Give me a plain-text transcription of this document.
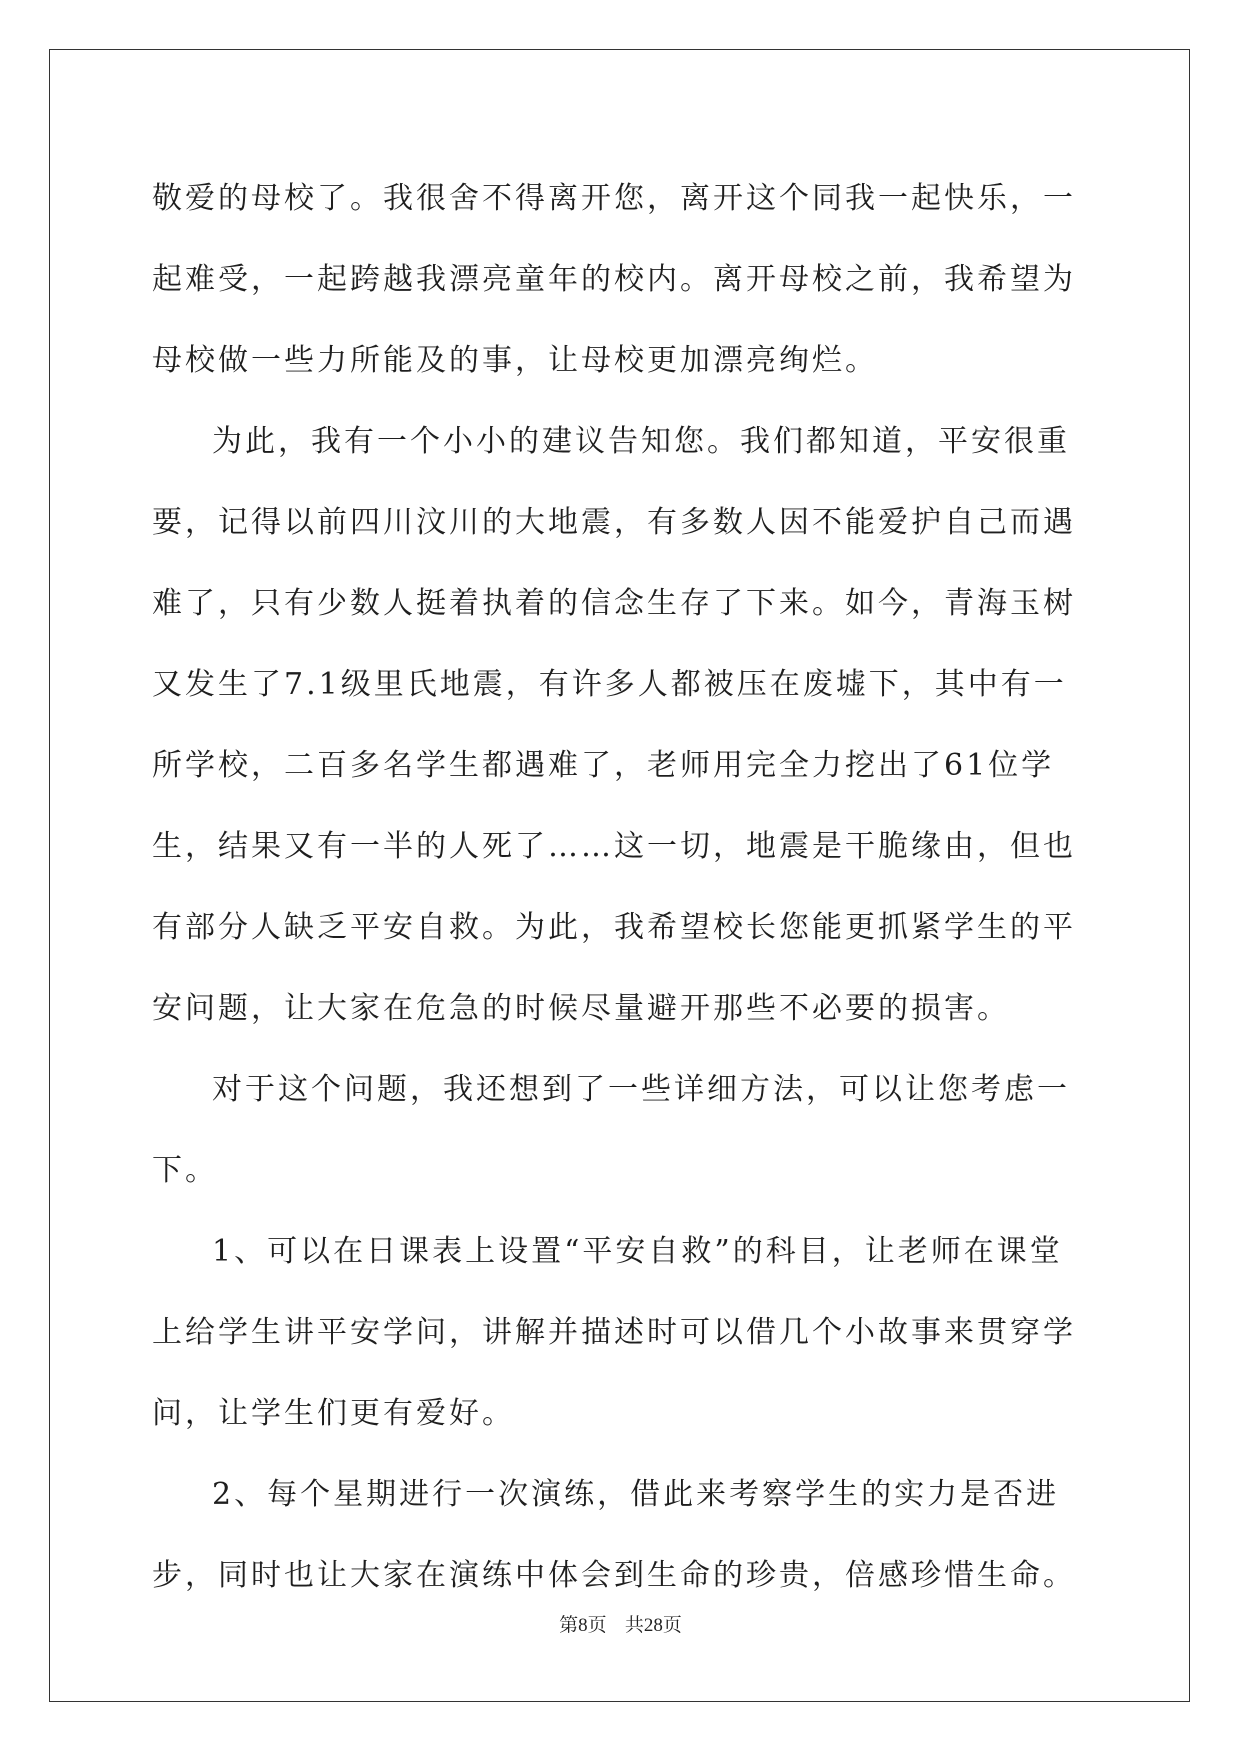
敬爱的母校了。我很舍不得离开您，离开这个同我一起快乐，一起难受，一起跨越我漂亮童年的校内。离开母校之前，我希望为母校做一些力所能及的事，让母校更加漂亮绚烂。

为此，我有一个小小的建议告知您。我们都知道，平安很重要，记得以前四川汶川的大地震，有多数人因不能爱护自己而遇难了，只有少数人挺着执着的信念生存了下来。如今，青海玉树又发生了7.1级里氏地震，有许多人都被压在废墟下，其中有一所学校，二百多名学生都遇难了，老师用完全力挖出了61位学生，结果又有一半的人死了……这一切，地震是干脆缘由，但也有部分人缺乏平安自救。为此，我希望校长您能更抓紧学生的平安问题，让大家在危急的时候尽量避开那些不必要的损害。

对于这个问题，我还想到了一些详细方法，可以让您考虑一下。

1、可以在日课表上设置“平安自救”的科目，让老师在课堂上给学生讲平安学问，讲解并描述时可以借几个小故事来贯穿学问，让学生们更有爱好。

2、每个星期进行一次演练，借此来考察学生的实力是否进步，同时也让大家在演练中体会到生命的珍贵，倍感珍惜生命。

第8页 共28页
